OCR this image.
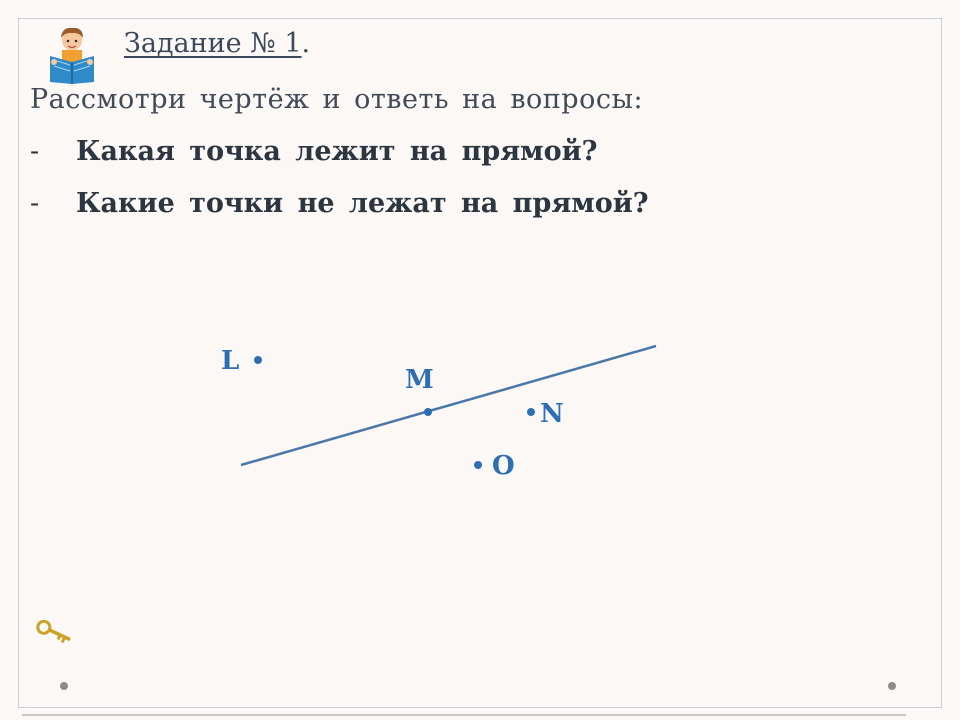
Задание № 1.
Рассмотри чертёж и ответь на вопросы:
- Какая точка лежит на прямой?
- Какие точки не лежат на прямой?
L
M
N
O
